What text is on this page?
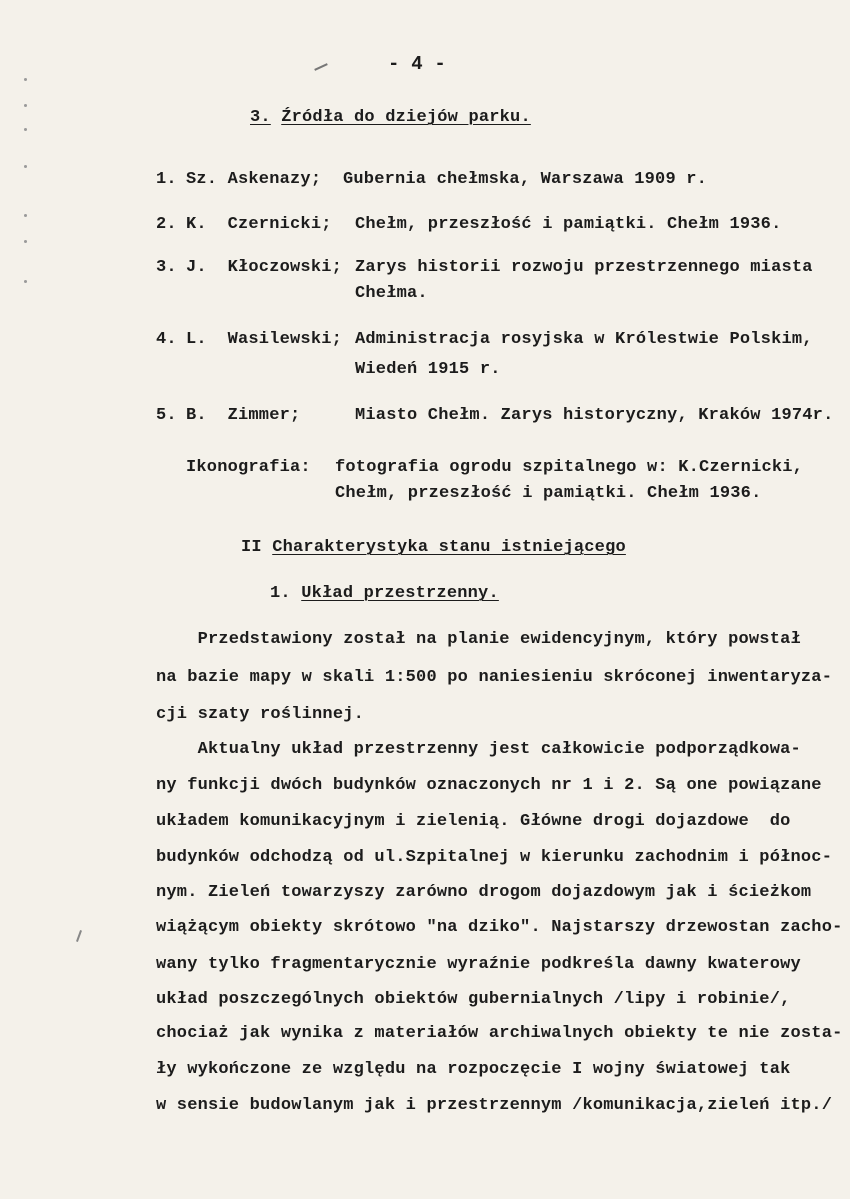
- 4 -
3. Źródła do dziejów parku.
1. Sz. Askenazy; Gubernia chełmska, Warszawa 1909 r.
2. K.  Czernicki; Chełm, przeszłość i pamiątki. Chełm 1936.
3. J.  Kłoczowski; Zarys historii rozwoju przestrzennego miasta
Chełma.
4. L.  Wasilewski; Administracja rosyjska w Królestwie Polskim,
Wiedeń 1915 r.
5. B.  Zimmer;	Miasto Chełm. Zarys historyczny, Kraków 1974r.
Ikonografia: fotografia ogrodu szpitalnego w: K.Czernicki,
Chełm, przeszłość i pamiątki. Chełm 1936.
II Charakterystyka stanu istniejącego
1. Układ przestrzenny.
Przedstawiony został na planie ewidencyjnym, który powstał
na bazie mapy w skali 1:500 po naniesieniu skróconej inwentaryza-
cji szaty roślinnej.
Aktualny układ przestrzenny jest całkowicie podporządkowa-
ny funkcji dwóch budynków oznaczonych nr 1 i 2. Są one powiązane
układem komunikacyjnym i zielenią. Główne drogi dojazdowe  do
budynków odchodzą od ul.Szpitalnej w kierunku zachodnim i północ-
nym. Zieleń towarzyszy zarówno drogom dojazdowym jak i ścieżkom
wiążącym obiekty skrótowo "na dziko". Najstarszy drzewostan zacho-
wany tylko fragmentarycznie wyraźnie podkreśla dawny kwaterowy
układ poszczególnych obiektów gubernialnych /lipy i robinie/,
chociaż jak wynika z materiałów archiwalnych obiekty te nie zosta-
ły wykończone ze względu na rozpoczęcie I wojny światowej tak
w sensie budowlanym jak i przestrzennym /komunikacja,zieleń itp./
